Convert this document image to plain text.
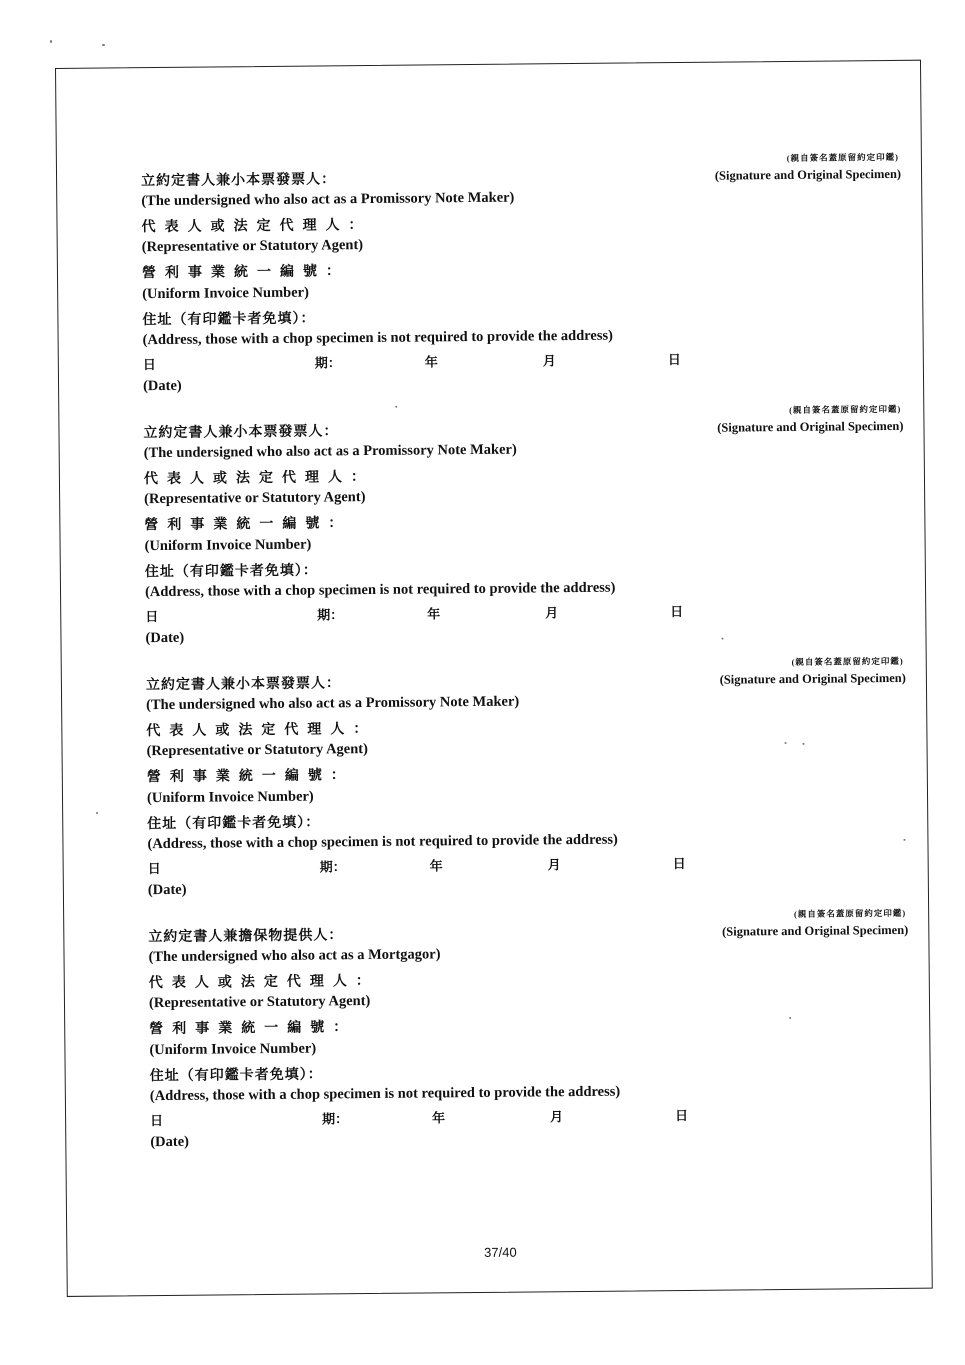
(親自簽名蓋原留約定印鑑)
(Signature and Original Specimen)
立約定書人兼小本票發票人：
(The undersigned who also act as a Promissory Note Maker)
代表人或法定代理人：
(Representative or Statutory Agent)
營利事業統一編號：
(Uniform Invoice Number)
住址（有印鑑卡者免填）：
(Address, those with a chop specimen is not required to provide the address)
日	期：	年	月	日
(Date)
(親自簽名蓋原留約定印鑑)
(Signature and Original Specimen)
立約定書人兼小本票發票人：
(The undersigned who also act as a Promissory Note Maker)
代表人或法定代理人：
(Representative or Statutory Agent)
營利事業統一編號：
(Uniform Invoice Number)
住址（有印鑑卡者免填）：
(Address, those with a chop specimen is not required to provide the address)
日	期：	年	月	日
(Date)
(親自簽名蓋原留約定印鑑)
(Signature and Original Specimen)
立約定書人兼小本票發票人：
(The undersigned who also act as a Promissory Note Maker)
代表人或法定代理人：
(Representative or Statutory Agent)
營利事業統一編號：
(Uniform Invoice Number)
住址（有印鑑卡者免填）：
(Address, those with a chop specimen is not required to provide the address)
日	期：	年	月	日
(Date)
(親自簽名蓋原留約定印鑑)
(Signature and Original Specimen)
立約定書人兼擔保物提供人：
(The undersigned who also act as a Mortgagor)
代表人或法定代理人：
(Representative or Statutory Agent)
營利事業統一編號：
(Uniform Invoice Number)
住址（有印鑑卡者免填）：
(Address, those with a chop specimen is not required to provide the address)
日	期：	年	月	日
(Date)
37/40
